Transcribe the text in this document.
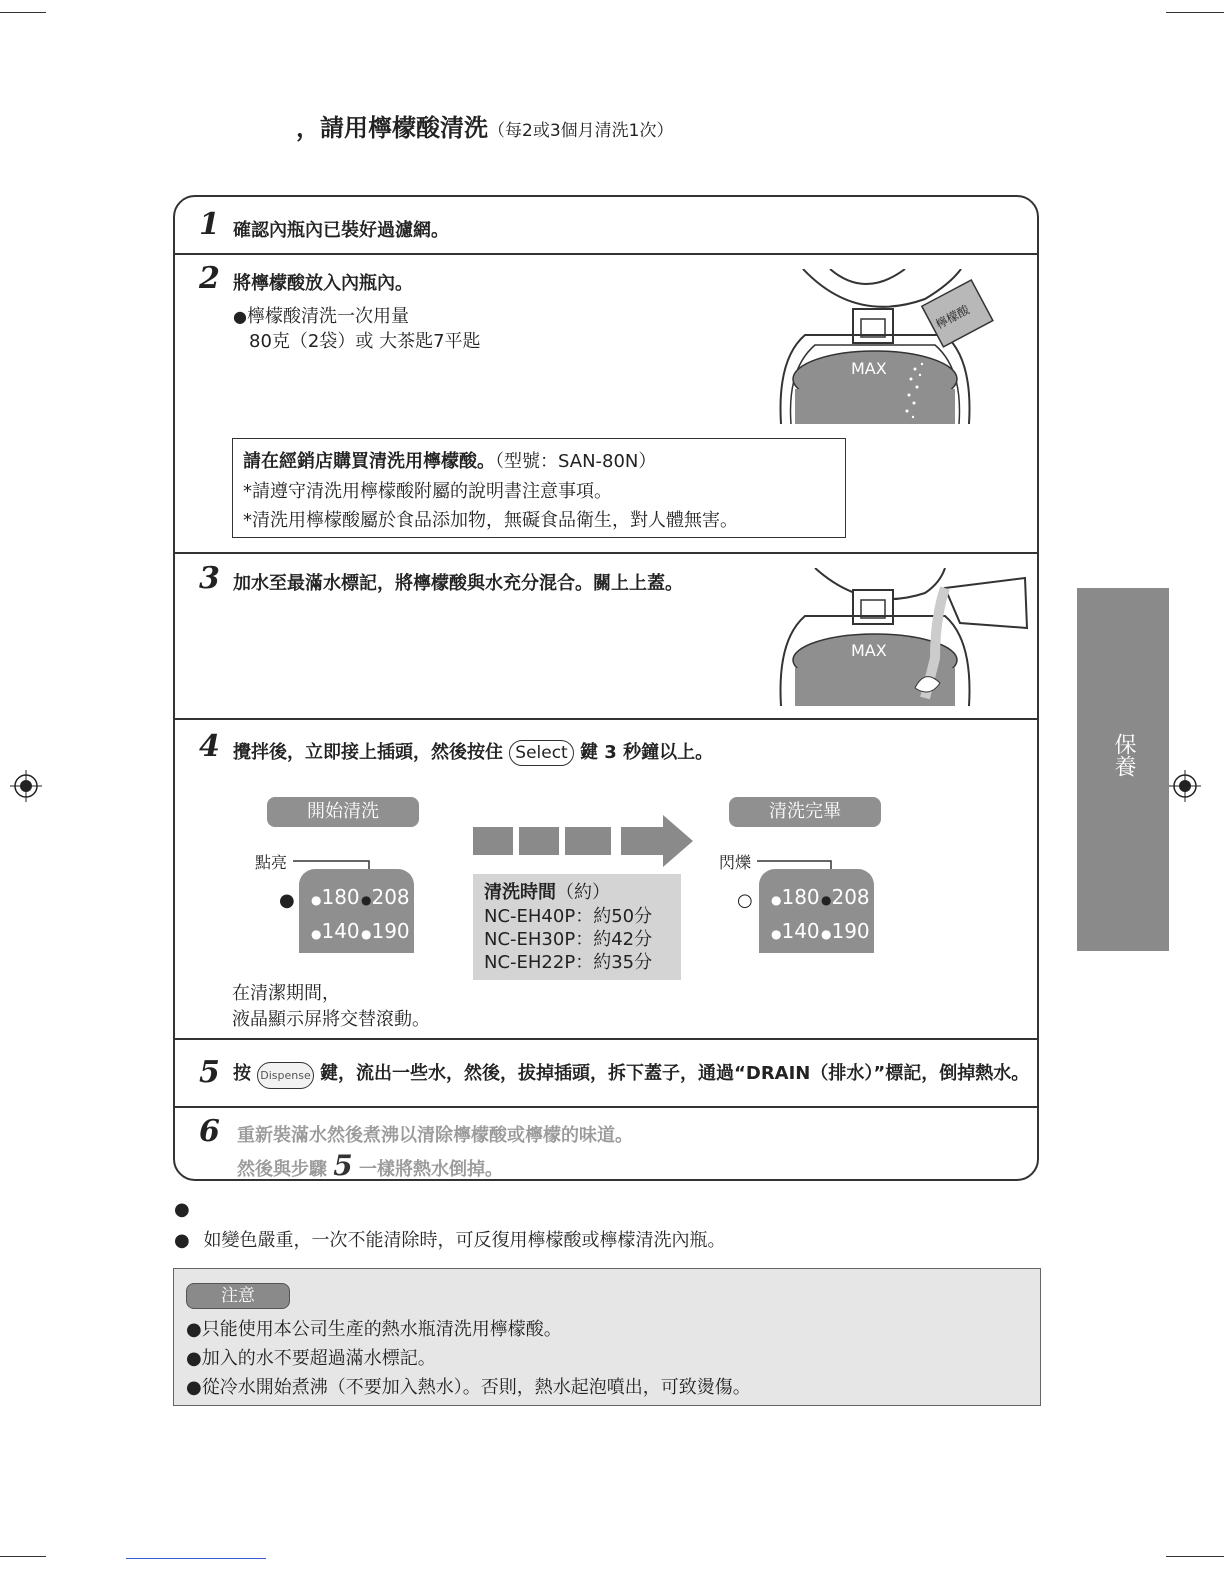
，請用檸檬酸清洗（每2或3個月清洗1次）
保養
1 確認內瓶內已裝好過濾網。
2 將檸檬酸放入內瓶內。
●檸檬酸清洗一次用量
80克（2袋）或 大茶匙7平匙
MAX
檸檬酸
請在經銷店購買清洗用檸檬酸。（型號：SAN-80N）
*請遵守清洗用檸檬酸附屬的說明書注意事項。
*清洗用檸檬酸屬於食品添加物，無礙食品衛生，對人體無害。
3 加水至最滿水標記，將檸檬酸與水充分混合。關上上蓋。
MAX
4 攪拌後，立即接上插頭，然後按住 Select 鍵 3 秒鐘以上。
開始清洗	清洗完畢
點亮	閃爍
●	○
●180 ●208
●140 ●190
●180 ●208
●140 ●190
清洗時間（約）
NC-EH40P：約50分
NC-EH30P：約42分
NC-EH22P：約35分
在清潔期間，
液晶顯示屏將交替滾動。
5 按 Dispense 鍵，流出一些水，然後，拔掉插頭，拆下蓋子，通過“DRAIN（排水）”標記，倒掉熱水。
6 重新裝滿水然後煮沸以清除檸檬酸或檸檬的味道。
然後與步驟 5 一樣將熱水倒掉。
●
● 如變色嚴重，一次不能清除時，可反復用檸檬酸或檸檬清洗內瓶。
注意
●只能使用本公司生產的熱水瓶清洗用檸檬酸。
●加入的水不要超過滿水標記。
●從冷水開始煮沸（不要加入熱水）。否則，熱水起泡噴出，可致燙傷。
